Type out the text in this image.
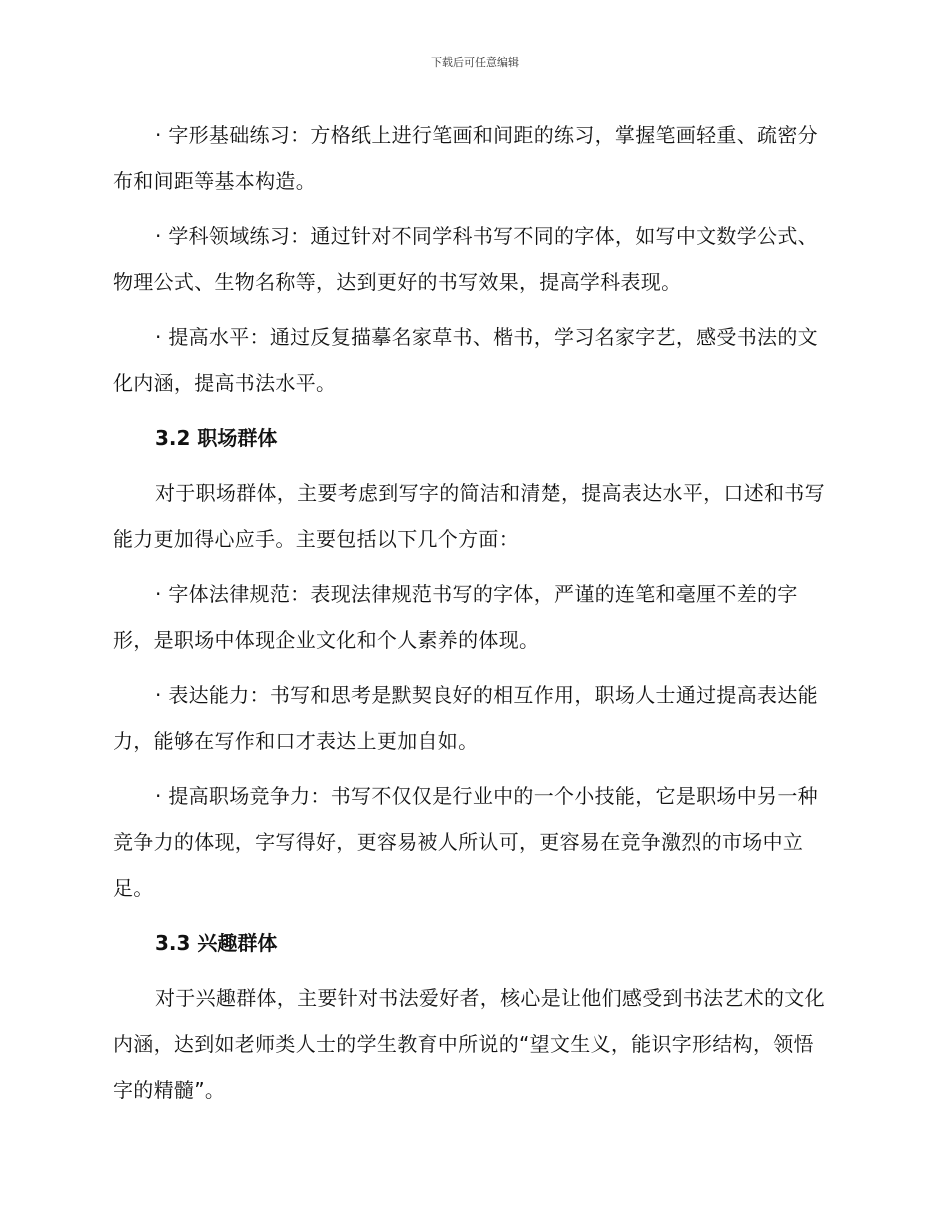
下载后可任意编辑

· 字形基础练习：方格纸上进行笔画和间距的练习，掌握笔画轻重、疏密分布和间距等基本构造。

· 学科领域练习：通过针对不同学科书写不同的字体，如写中文数学公式、物理公式、生物名称等，达到更好的书写效果，提高学科表现。

· 提高水平：通过反复描摹名家草书、楷书，学习名家字艺，感受书法的文化内涵，提高书法水平。

3.2 职场群体

对于职场群体，主要考虑到写字的简洁和清楚，提高表达水平，口述和书写能力更加得心应手。主要包括以下几个方面：

· 字体法律规范：表现法律规范书写的字体，严谨的连笔和毫厘不差的字形，是职场中体现企业文化和个人素养的体现。

· 表达能力：书写和思考是默契良好的相互作用，职场人士通过提高表达能力，能够在写作和口才表达上更加自如。

· 提高职场竞争力：书写不仅仅是行业中的一个小技能，它是职场中另一种竞争力的体现，字写得好，更容易被人所认可，更容易在竞争激烈的市场中立足。

3.3 兴趣群体

对于兴趣群体，主要针对书法爱好者，核心是让他们感受到书法艺术的文化内涵，达到如老师类人士的学生教育中所说的“望文生义，能识字形结构，领悟字的精髓”。
